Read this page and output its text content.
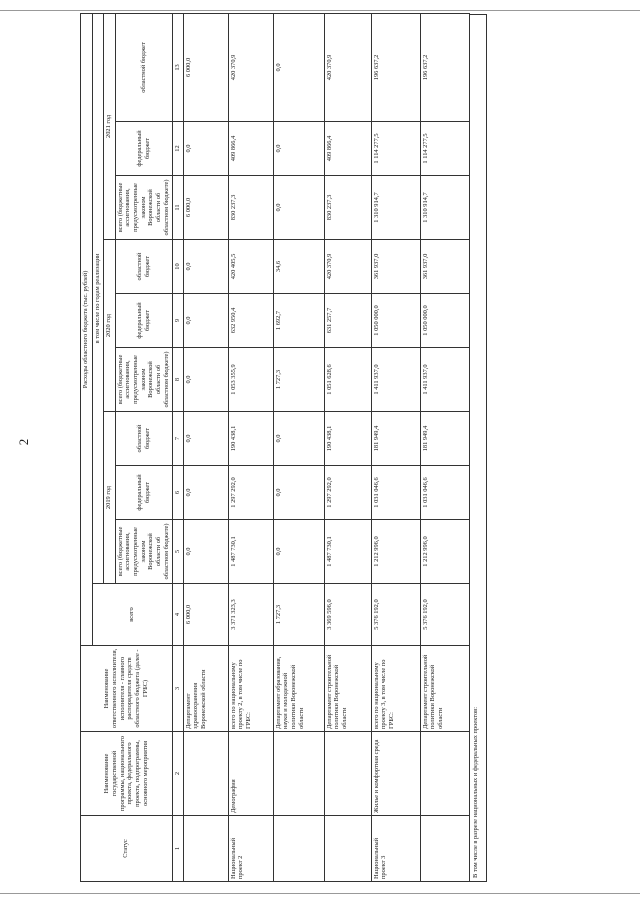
2
Статус	Наименование государственной программы, национального проекта, федерального проекта, подпрограммы, основного мероприятия	Наименование ответственного исполнителя, исполнителя - главного распорядителя средств областного бюджета (далее - ГРБС)	Расходы областного бюджета (тыс. рублей)									
			всего	в том числе по годам реализации								
				2019 год			2020 год			2021 год		
				всего (бюджетные ассигнования, предусмотренные законом Воронежской области об областном бюджете)	федеральный бюджет	областной бюджет	всего (бюджетные ассигнования, предусмотренные законом Воронежской области об областном бюджете)	федеральный бюджет	областной бюджет	всего (бюджетные ассигнования, предусмотренные законом Воронежской области об областном бюджете)	федеральный бюджет	областной бюджет
1	2	3	4	5	6	7	8	9	10	11	12	13
		Департамент здравоохранения Воронежской области	6 000,0	0,0	0,0	0,0	0,0	0,0	0,0	6 000,0	0,0	6 000,0
Национальный проект 2	Демография	всего по национальному проекту 2, в том числе по ГРБС:	3 371 323,3	1 487 730,1	1 297 292,0	190 438,1	1 053 355,9	632 950,4	420 405,5	830 237,3	409 866,4	420 370,9
		Департамент образования, науки и молодежной политики Воронежской области	1 727,3	0,0	0,0	0,0	1 727,3	1 692,7	34,6	0,0	0,0	0,0
		Департамент строительной политики Воронежской области	3 369 596,0	1 487 730,1	1 297 292,0	190 438,1	1 051 628,6	631 257,7	420 370,9	830 237,3	409 866,4	420 370,9
Национальный проект 3	Жилье и комфортная среда	всего по национальному проекту 3, в том числе по ГРБС:	5 376 192,0	1 212 996,0	1 031 046,6	181 949,4	1 411 937,0	1 050 000,0	361 937,0	1 310 914,7	1 114 277,5	196 637,2
		Департамент строительной политики Воронежской области	5 376 192,0	1 212 996,0	1 031 046,6	181 949,4	1 411 937,0	1 050 000,0	361 937,0	1 310 914,7	1 114 277,5	196 637,2
В том числе в разрезе национальных и федеральных проектов:
